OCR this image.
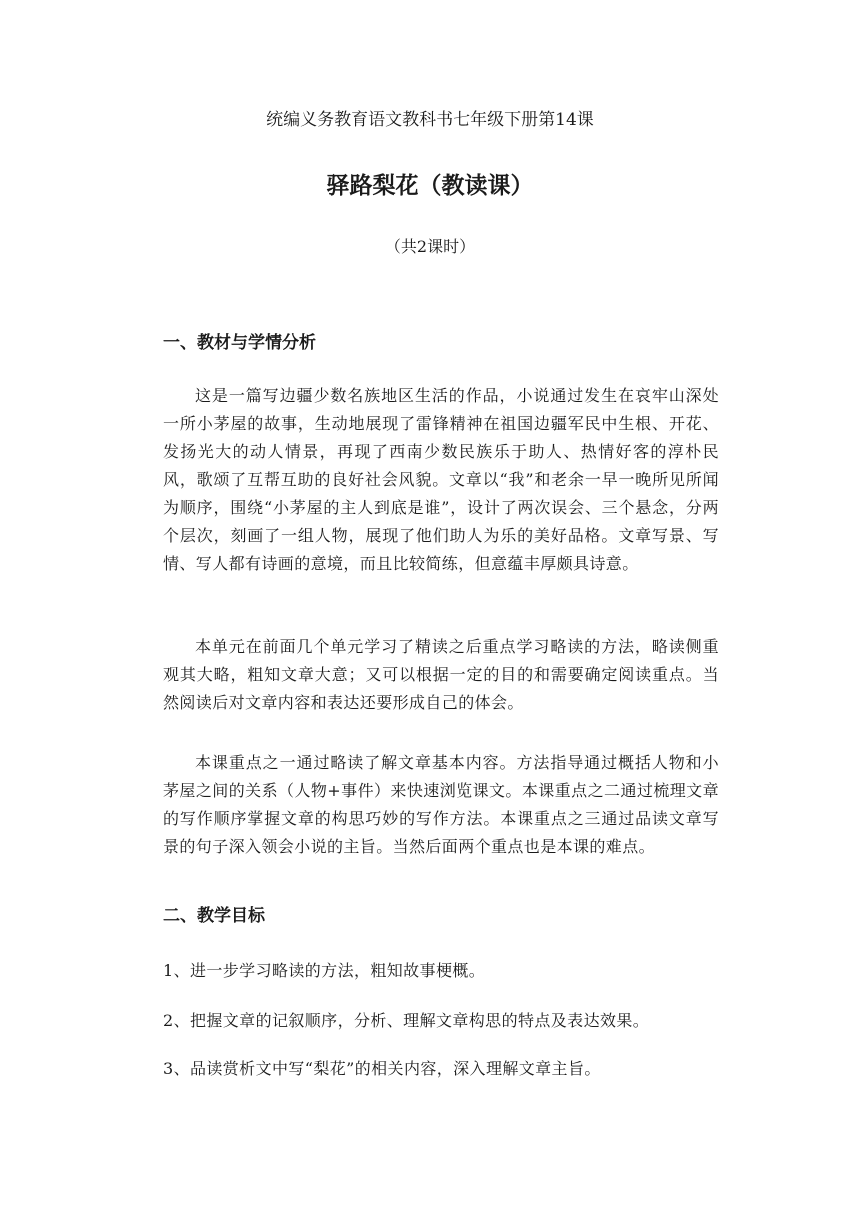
统编义务教育语文教科书七年级下册第14课
驿路梨花（教读课）
（共2课时）
一、教材与学情分析

这是一篇写边疆少数名族地区生活的作品，小说通过发生在哀牢山深处一所小茅屋的故事，生动地展现了雷锋精神在祖国边疆军民中生根、开花、发扬光大的动人情景，再现了西南少数民族乐于助人、热情好客的淳朴民风，歌颂了互帮互助的良好社会风貌。文章以“我”和老余一早一晚所见所闻为顺序，围绕“小茅屋的主人到底是谁”，设计了两次误会、三个悬念，分两个层次，刻画了一组人物，展现了他们助人为乐的美好品格。文章写景、写情、写人都有诗画的意境，而且比较简练，但意蕴丰厚颇具诗意。

本单元在前面几个单元学习了精读之后重点学习略读的方法，略读侧重观其大略，粗知文章大意；又可以根据一定的目的和需要确定阅读重点。当然阅读后对文章内容和表达还要形成自己的体会。

本课重点之一通过略读了解文章基本内容。方法指导通过概括人物和小茅屋之间的关系（人物+事件）来快速浏览课文。本课重点之二通过梳理文章的写作顺序掌握文章的构思巧妙的写作方法。本课重点之三通过品读文章写景的句子深入领会小说的主旨。当然后面两个重点也是本课的难点。

二、教学目标

1、进一步学习略读的方法，粗知故事梗概。

2、把握文章的记叙顺序，分析、理解文章构思的特点及表达效果。

3、品读赏析文中写“梨花”的相关内容，深入理解文章主旨。
